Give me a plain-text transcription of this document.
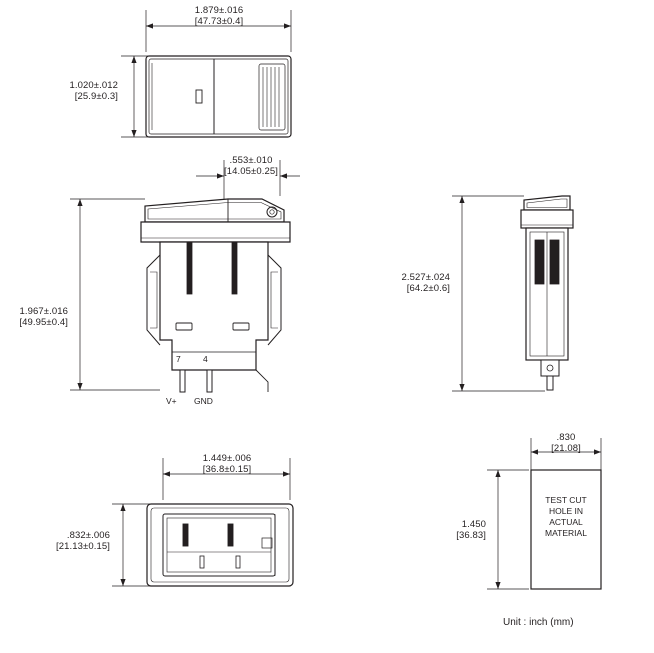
1.879±.016
[47.73±0.4]
1.020±.012
[25.9±0.3]
.553±.010
[14.05±0.25]
1.967±.016
[49.95±0.4]
7	4
V+ GND
2.527±.024
[64.2±0.6]
1.449±.006
[36.8±0.15]
.832±.006
[21.13±0.15]
.830
[21.08]
1.450
[36.83]
TEST CUT
HOLE IN
ACTUAL
MATERIAL
Unit : inch (mm)
